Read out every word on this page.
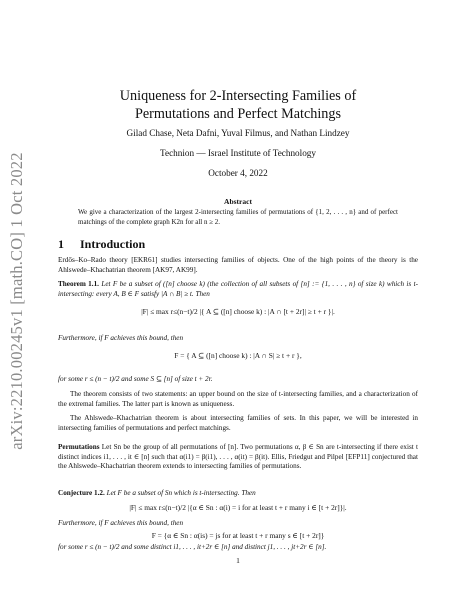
arXiv:2210.00245v1 [math.CO] 1 Oct 2022
Uniqueness for 2-Intersecting Families of
Permutations and Perfect Matchings
Gilad Chase, Neta Dafni, Yuval Filmus, and Nathan Lindzey
Technion — Israel Institute of Technology
October 4, 2022
Abstract
We give a characterization of the largest 2-intersecting families of permutations of {1, 2, . . . , n} and of perfect matchings of the complete graph K2n for all n ≥ 2.
1 Introduction
Erdős–Ko–Rado theory [EKR61] studies intersecting families of objects. One of the high points of the theory is the Ahlswede–Khachatrian theorem [AK97, AK99].
Theorem 1.1. Let F be a subset of ([n] choose k) (the collection of all subsets of [n] := {1, . . . , n} of size k) which is t-intersecting: every A, B ∈ F satisfy |A ∩ B| ≥ t. Then
|F| ≤ max r≤(n−t)/2 |{ A ⊆ ([n] choose k) : |A ∩ [t + 2r]| ≥ t + r }|.
Furthermore, if F achieves this bound, then
F = { A ⊆ ([n] choose k) : |A ∩ S| ≥ t + r },
for some r ≤ (n − t)/2 and some S ⊆ [n] of size t + 2r.
The theorem consists of two statements: an upper bound on the size of t-intersecting families, and a characterization of the extremal families. The latter part is known as uniqueness.
The Ahlswede–Khachatrian theorem is about intersecting families of sets. In this paper, we will be interested in intersecting families of permutations and perfect matchings.
Permutations Let Sn be the group of all permutations of [n]. Two permutations α, β ∈ Sn are t-intersecting if there exist t distinct indices i1, . . . , it ∈ [n] such that α(i1) = β(i1), . . . , α(it) = β(it). Ellis, Friedgut and Pilpel [EFP11] conjectured that the Ahlswede–Khachatrian theorem extends to intersecting families of permutations.
Conjecture 1.2. Let F be a subset of Sn which is t-intersecting. Then
|F| ≤ max r≤(n−t)/2 |{α ∈ Sn : α(i) = i for at least t + r many i ∈ [t + 2r]}|.
Furthermore, if F achieves this bound, then
F = {α ∈ Sn : α(is) = js for at least t + r many s ∈ [t + 2r]}
for some r ≤ (n − t)/2 and some distinct i1, . . . , it+2r ∈ [n] and distinct j1, . . . , jt+2r ∈ [n].
1
